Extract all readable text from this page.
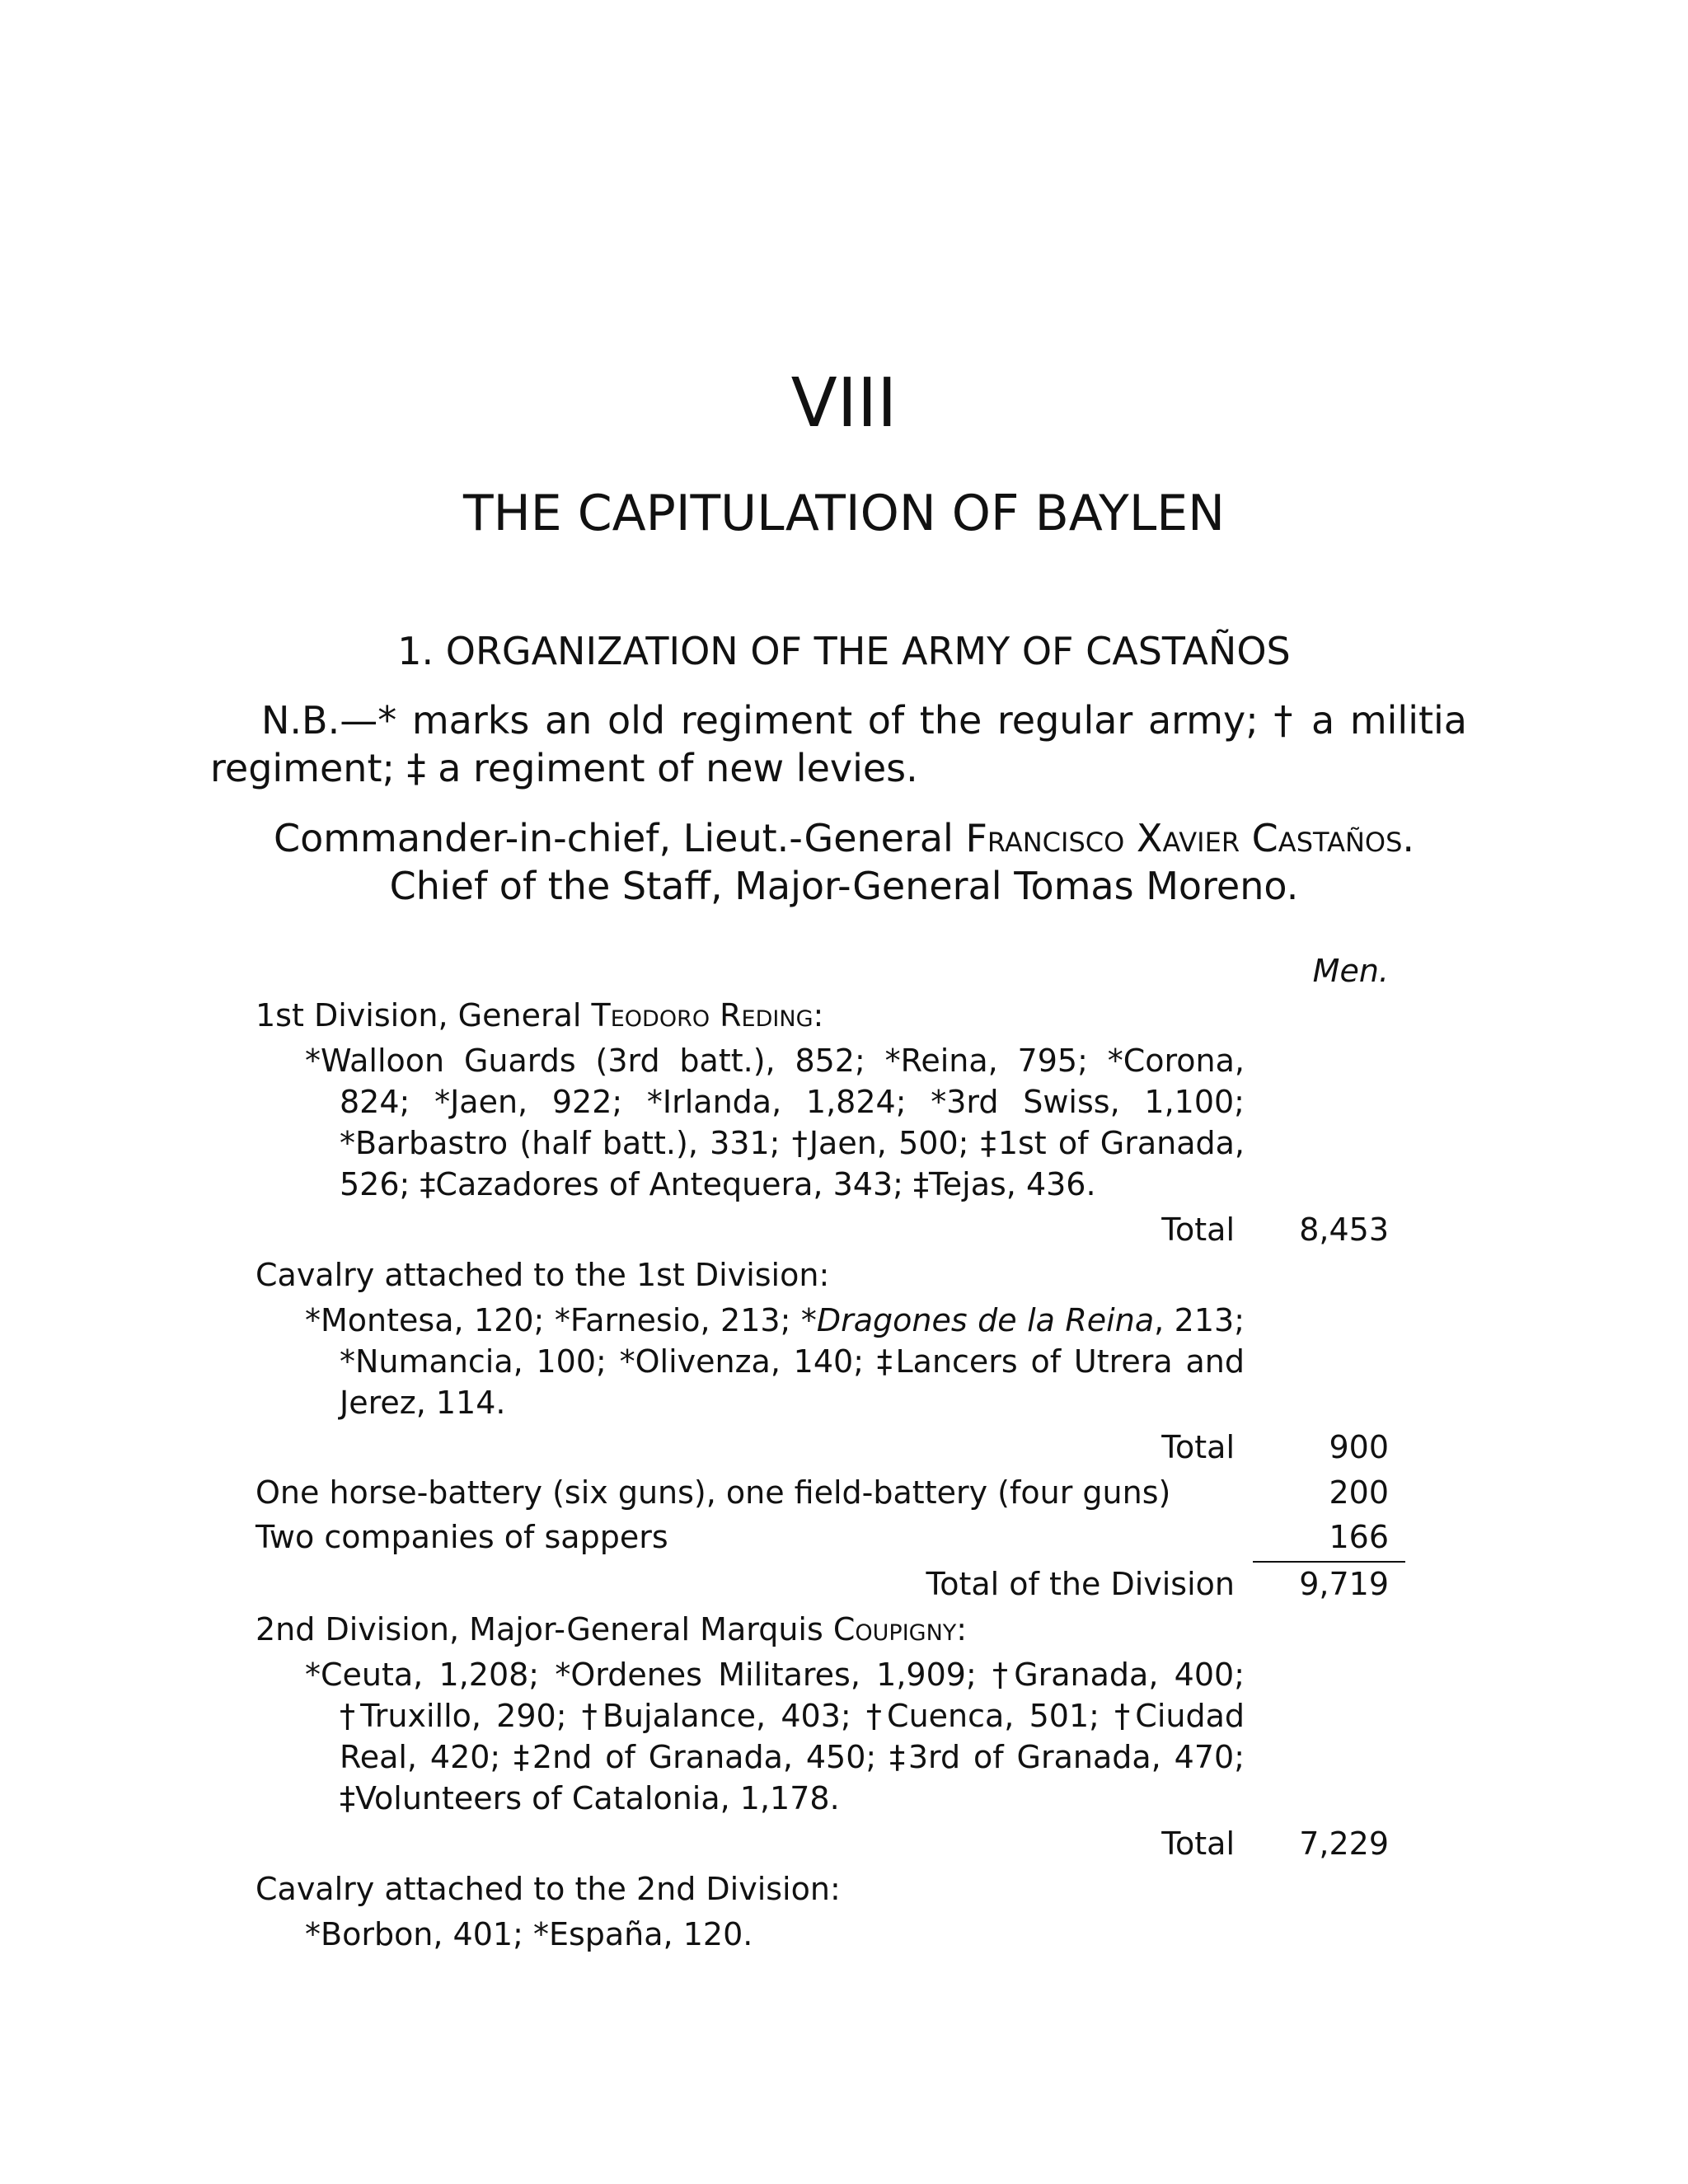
VIII
THE CAPITULATION OF BAYLEN
1. ORGANIZATION OF THE ARMY OF CASTAÑOS

N.B.—* marks an old regiment of the regular army; † a militia regiment; ‡ a regiment of new levies.

Commander-in-chief, Lieut.-General Francisco Xavier Castaños.
Chief of the Staff, Major-General Tomas Moreno.
Men.
1st Division, General Teodoro Reding:
*Walloon Guards (3rd batt.), 852; *Reina, 795; *Corona,
824; *Jaen, 922; *Irlanda, 1,824; *3rd Swiss, 1,100;
*Barbastro (half batt.), 331; †Jaen, 500; ‡1st of Granada,
526; ‡Cazadores of Antequera, 343; ‡Tejas, 436.
Total	8,453
Cavalry attached to the 1st Division:
*Montesa, 120; *Farnesio, 213; *Dragones de la Reina, 213;
*Numancia, 100; *Olivenza, 140; ‡Lancers of Utrera and
Jerez, 114.
Total	900
One horse-battery (six guns), one field-battery (four guns)	200
Two companies of sappers	166
Total of the Division	9,719
2nd Division, Major-General Marquis Coupigny:
*Ceuta, 1,208; *Ordenes Militares, 1,909; †Granada, 400;
†Truxillo, 290; †Bujalance, 403; †Cuenca, 501; †Ciudad
Real, 420; ‡2nd of Granada, 450; ‡3rd of Granada, 470;
‡Volunteers of Catalonia, 1,178.
Total	7,229
Cavalry attached to the 2nd Division:
*Borbon, 401; *España, 120.
